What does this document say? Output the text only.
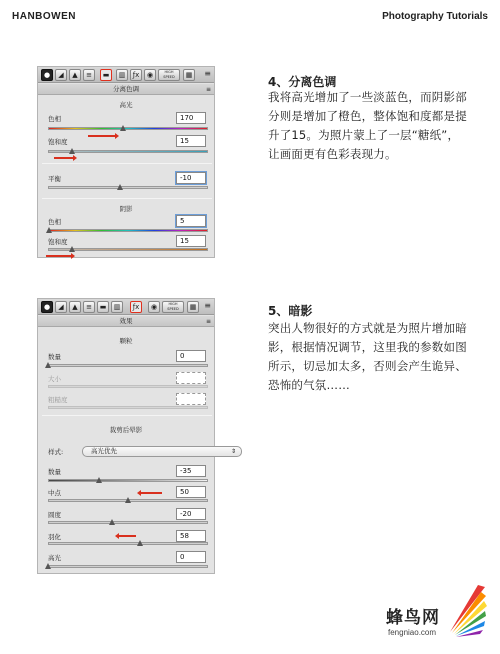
HANBOWEN	Photography Tutorials
●	◢	▲	≡	▬	▥	ƒx	◉	HIGH SPEED	▦	≡
分离色调	≡
高光
色相	170
饱和度	15
平衡	-10
阴影
色相	5
饱和度	15
●	◢	▲	≡	▬	▥	ƒx	◉	HIGH SPEED	▦ ≡
效果	≡
颗粒
数量	0
大小
粗糙度
裁剪后晕影
样式:	高光优先	⇕
数量	-35
中点	50
圆度	-20
羽化	58
高光	0
4、分离色调
我将高光增加了一些淡蓝色，而阴影部分则是增加了橙色，整体饱和度都是提升了15。为照片蒙上了一层“糖纸”，让画面更有色彩表现力。
5、暗影
突出人物很好的方式就是为照片增加暗影，根据情况调节，这里我的参数如图所示，切忌加太多，否则会产生诡异、恐怖的气氛……
蜂鸟网
fengniao.com
